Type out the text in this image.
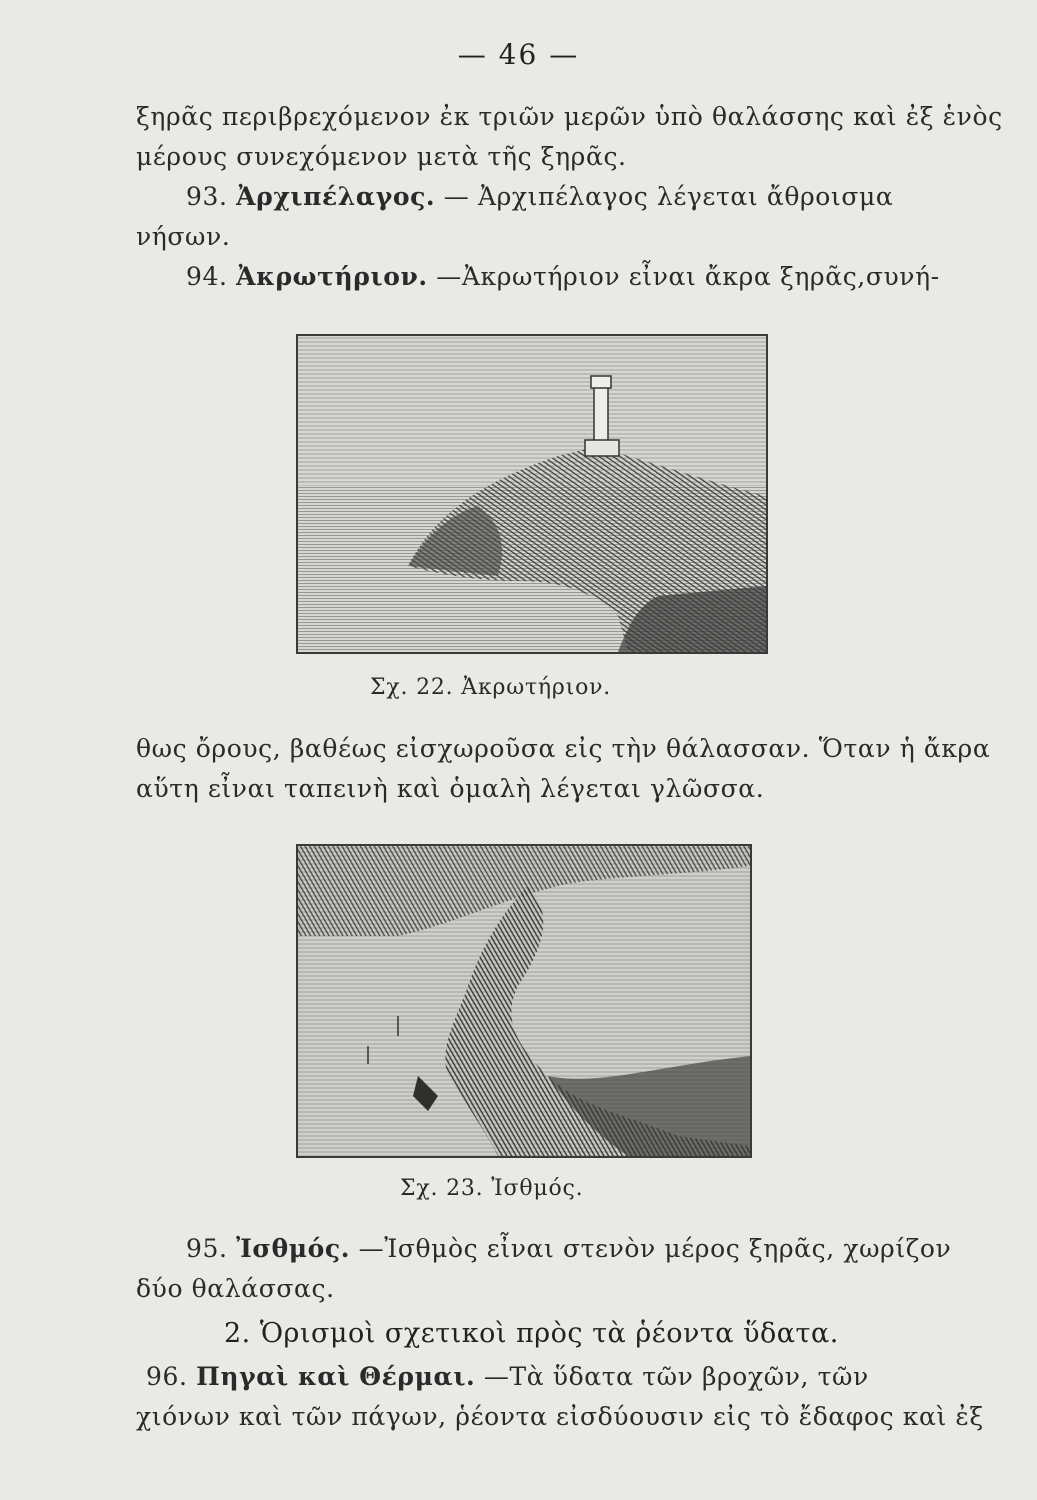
— 46 —
ξηρᾶς περιβρεχόμενον ἐκ τριῶν μερῶν ὑπὸ θαλάσσης καὶ ἐξ ἑνὸς
μέρους συνεχόμενον μετὰ τῆς ξηρᾶς.
93. Ἀρχιπέλαγος. — Ἀρχιπέλαγος λέγεται ἄθροισμα
νήσων.
94. Ἀκρωτήριον. —Ἀκρωτήριον εἶναι ἄκρα ξηρᾶς,συνή-
Σχ. 22. Ἀκρωτήριον.
θως ὄρους, βαθέως εἰσχωροῦσα εἰς τὴν θάλασσαν. Ὅταν ἡ ἄκρα
αὕτη εἶναι ταπεινὴ καὶ ὁμαλὴ λέγεται γλῶσσα.
Σχ. 23. Ἰσθμός.
95. Ἰσθμός. —Ἰσθμὸς εἶναι στενὸν μέρος ξηρᾶς, χωρίζον
δύο θαλάσσας.
2. Ὁρισμοὶ σχετικοὶ πρὸς τὰ ῥέοντα ὕδατα.
96. Πηγαὶ καὶ Θέρμαι. —Τὰ ὕδατα τῶν βροχῶν, τῶν
χιόνων καὶ τῶν πάγων, ῥέοντα εἰσδύουσιν εἰς τὸ ἔδαφος καὶ ἐξ
